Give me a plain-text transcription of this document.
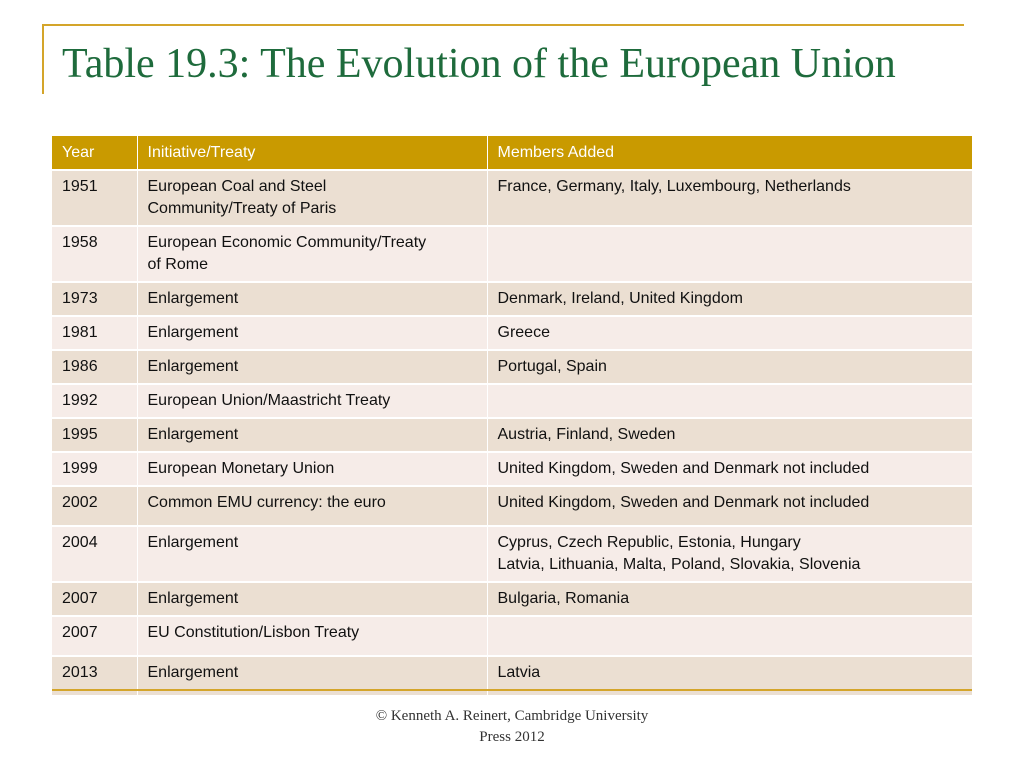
Table 19.3: The Evolution of the European Union
Year	Initiative/Treaty	Members Added
1951	European Coal and Steel
Community/Treaty of Paris	France, Germany, Italy, Luxembourg, Netherlands

1958	European Economic Community/Treaty
of Rome	

1973	Enlargement	Denmark, Ireland, United Kingdom
1981	Enlargement	Greece
1986	Enlargement	Portugal, Spain
1992	European Union/Maastricht Treaty	
1995	Enlargement	Austria, Finland, Sweden
1999	European Monetary Union	United Kingdom, Sweden and Denmark not included
2002	Common EMU currency: the euro	United Kingdom, Sweden and Denmark not included
2004	Enlargement	Cyprus, Czech Republic, Estonia, Hungary
Latvia, Lithuania, Malta, Poland, Slovakia, Slovenia

2007	Enlargement	Bulgaria, Romania
2007	EU Constitution/Lisbon Treaty	
2013	Enlargement	Latvia
© Kenneth A. Reinert, Cambridge University
Press 2012
